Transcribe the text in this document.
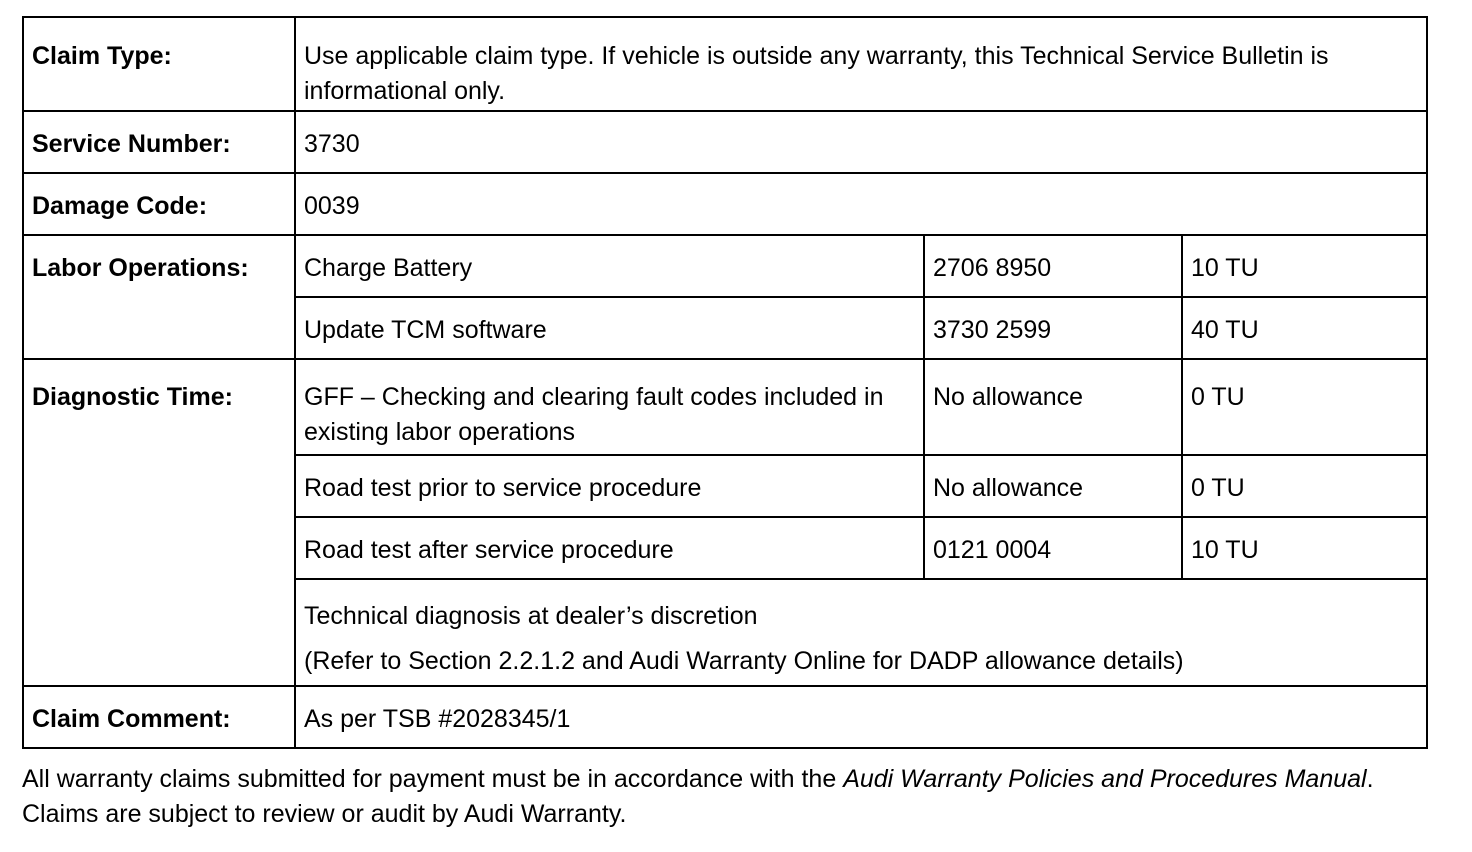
Claim Type:	Use applicable claim type. If vehicle is outside any warranty, this Technical Service Bulletin is informational only.		
Service Number:	3730		
Damage Code:	0039		
Labor Operations:	Charge Battery	2706 8950	10 TU
	Update TCM software	3730 2599	40 TU
Diagnostic Time:	GFF – Checking and clearing fault codes included in existing labor operations	No allowance	0 TU
	Road test prior to service procedure	No allowance	0 TU
	Road test after service procedure	0121 0004	10 TU
	Technical diagnosis at dealer’s discretion
(Refer to Section 2.2.1.2 and Audi Warranty Online for DADP allowance details)		

Claim Comment:	As per TSB #2028345/1		
All warranty claims submitted for payment must be in accordance with the Audi Warranty Policies and Procedures Manual. Claims are subject to review or audit by Audi Warranty.
